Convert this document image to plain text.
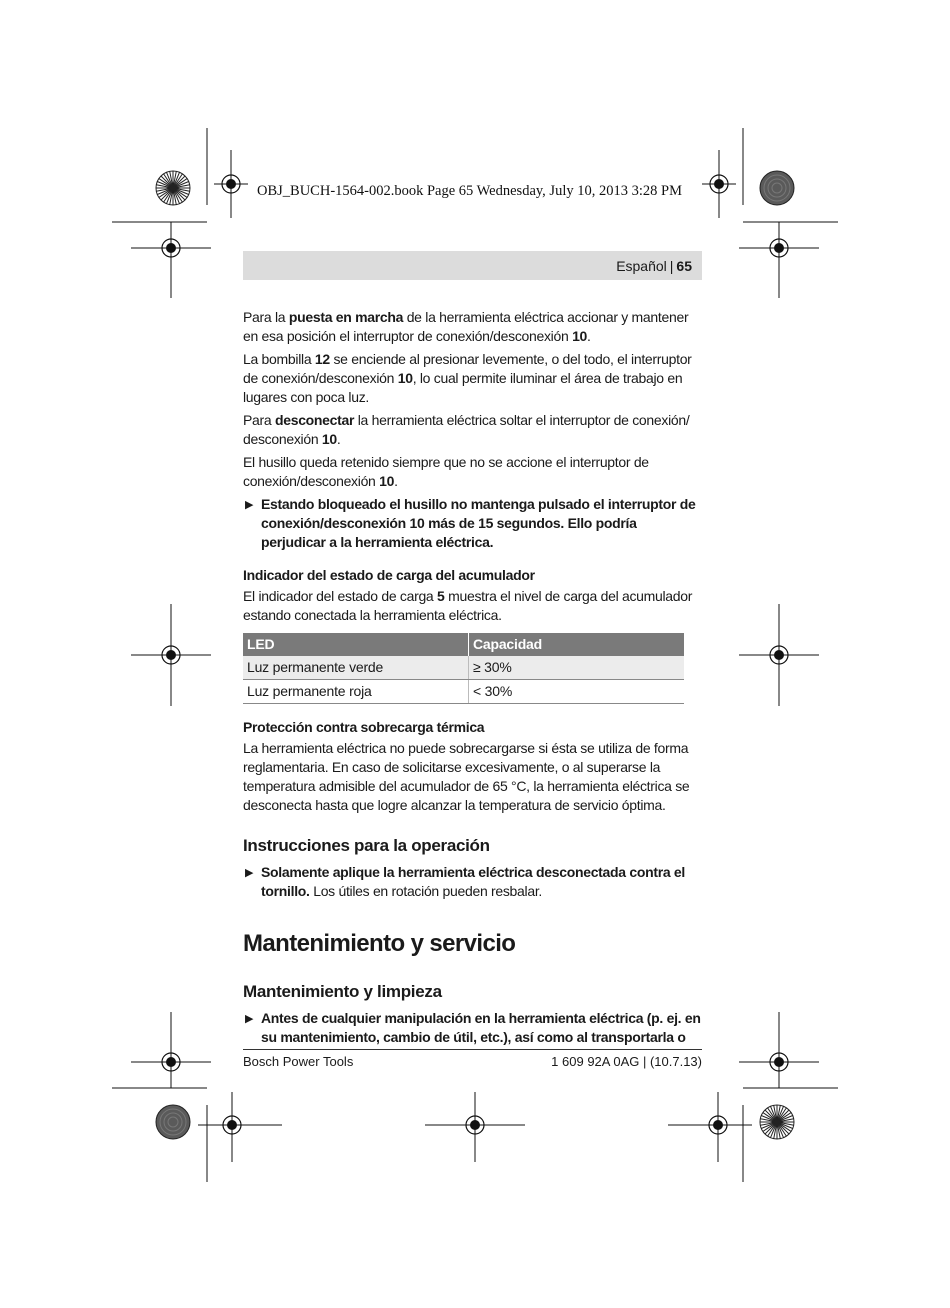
OBJ_BUCH-1564-002.book Page 65 Wednesday, July 10, 2013 3:28 PM
Español | 65

Para la puesta en marcha de la herramienta eléctrica accionar y mantener en esa posición el interruptor de conexión/desconexión 10.

La bombilla 12 se enciende al presionar levemente, o del todo, el interruptor de conexión/desconexión 10, lo cual permite iluminar el área de trabajo en lugares con poca luz.

Para desconectar la herramienta eléctrica soltar el interruptor de conexión/ desconexión 10.

El husillo queda retenido siempre que no se accione el interruptor de conexión/desconexión 10.

▶ Estando bloqueado el husillo no mantenga pulsado el interruptor de conexión/desconexión 10 más de 15 segundos. Ello podría perjudicar a la herramienta eléctrica.
Indicador del estado de carga del acumulador

El indicador del estado de carga 5 muestra el nivel de carga del acumulador estando conectada la herramienta eléctrica.

LED	Capacidad
Luz permanente verde	≥ 30%
Luz permanente roja	< 30%
Protección contra sobrecarga térmica

La herramienta eléctrica no puede sobrecargarse si ésta se utiliza de forma reglamentaria. En caso de solicitarse excesivamente, o al superarse la temperatura admisible del acumulador de 65 °C, la herramienta eléctrica se desconecta hasta que logre alcanzar la temperatura de servicio óptima.

Instrucciones para la operación
▶ Solamente aplique la herramienta eléctrica desconectada contra el tornillo. Los útiles en rotación pueden resbalar.
Mantenimiento y servicio
Mantenimiento y limpieza
▶ Antes de cualquier manipulación en la herramienta eléctrica (p. ej. en su mantenimiento, cambio de útil, etc.), así como al transportarla o
Bosch Power Tools	1 609 92A 0AG | (10.7.13)
